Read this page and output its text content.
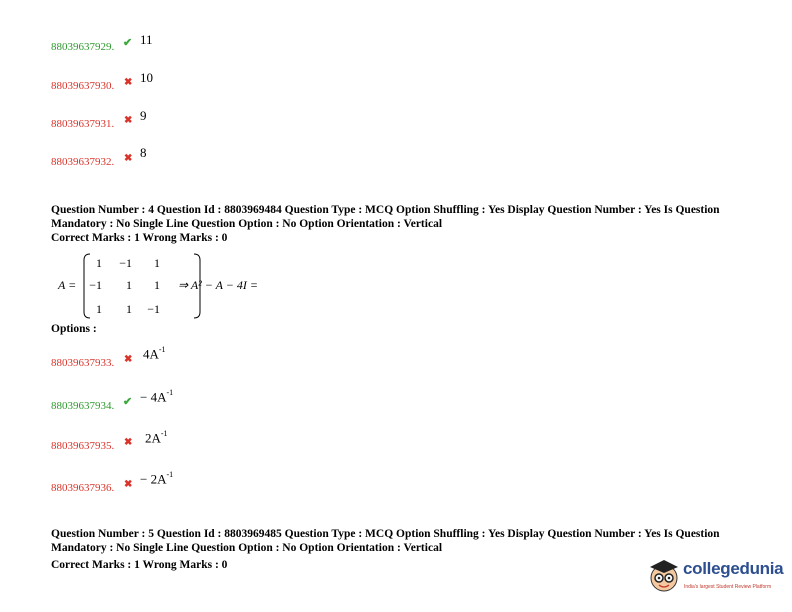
88039637929. ✔ 11
88039637930. ✖ 10
88039637931. ✖ 9
88039637932. ✖ 8
Question Number : 4 Question Id : 8803969484 Question Type : MCQ Option Shuffling : Yes Display Question Number : Yes Is Question
Mandatory : No Single Line Question Option : No Option Orientation : Vertical
Correct Marks : 1 Wrong Marks : 0
A =
1	−1	1
−1	1	1
1	1	−1
⇒ A² − A − 4I =
Options :
88039637933. ✖ $4A^{-1}$
88039637934. ✔ − $4A^{-1}$
88039637935. ✖ $2A^{-1}$
88039637936. ✖ − $2A^{-1}$
Question Number : 5 Question Id : 8803969485 Question Type : MCQ Option Shuffling : Yes Display Question Number : Yes Is Question
Mandatory : No Single Line Question Option : No Option Orientation : Vertical
Correct Marks : 1 Wrong Marks : 0	collegedunia
India's largest Student Review Platform
